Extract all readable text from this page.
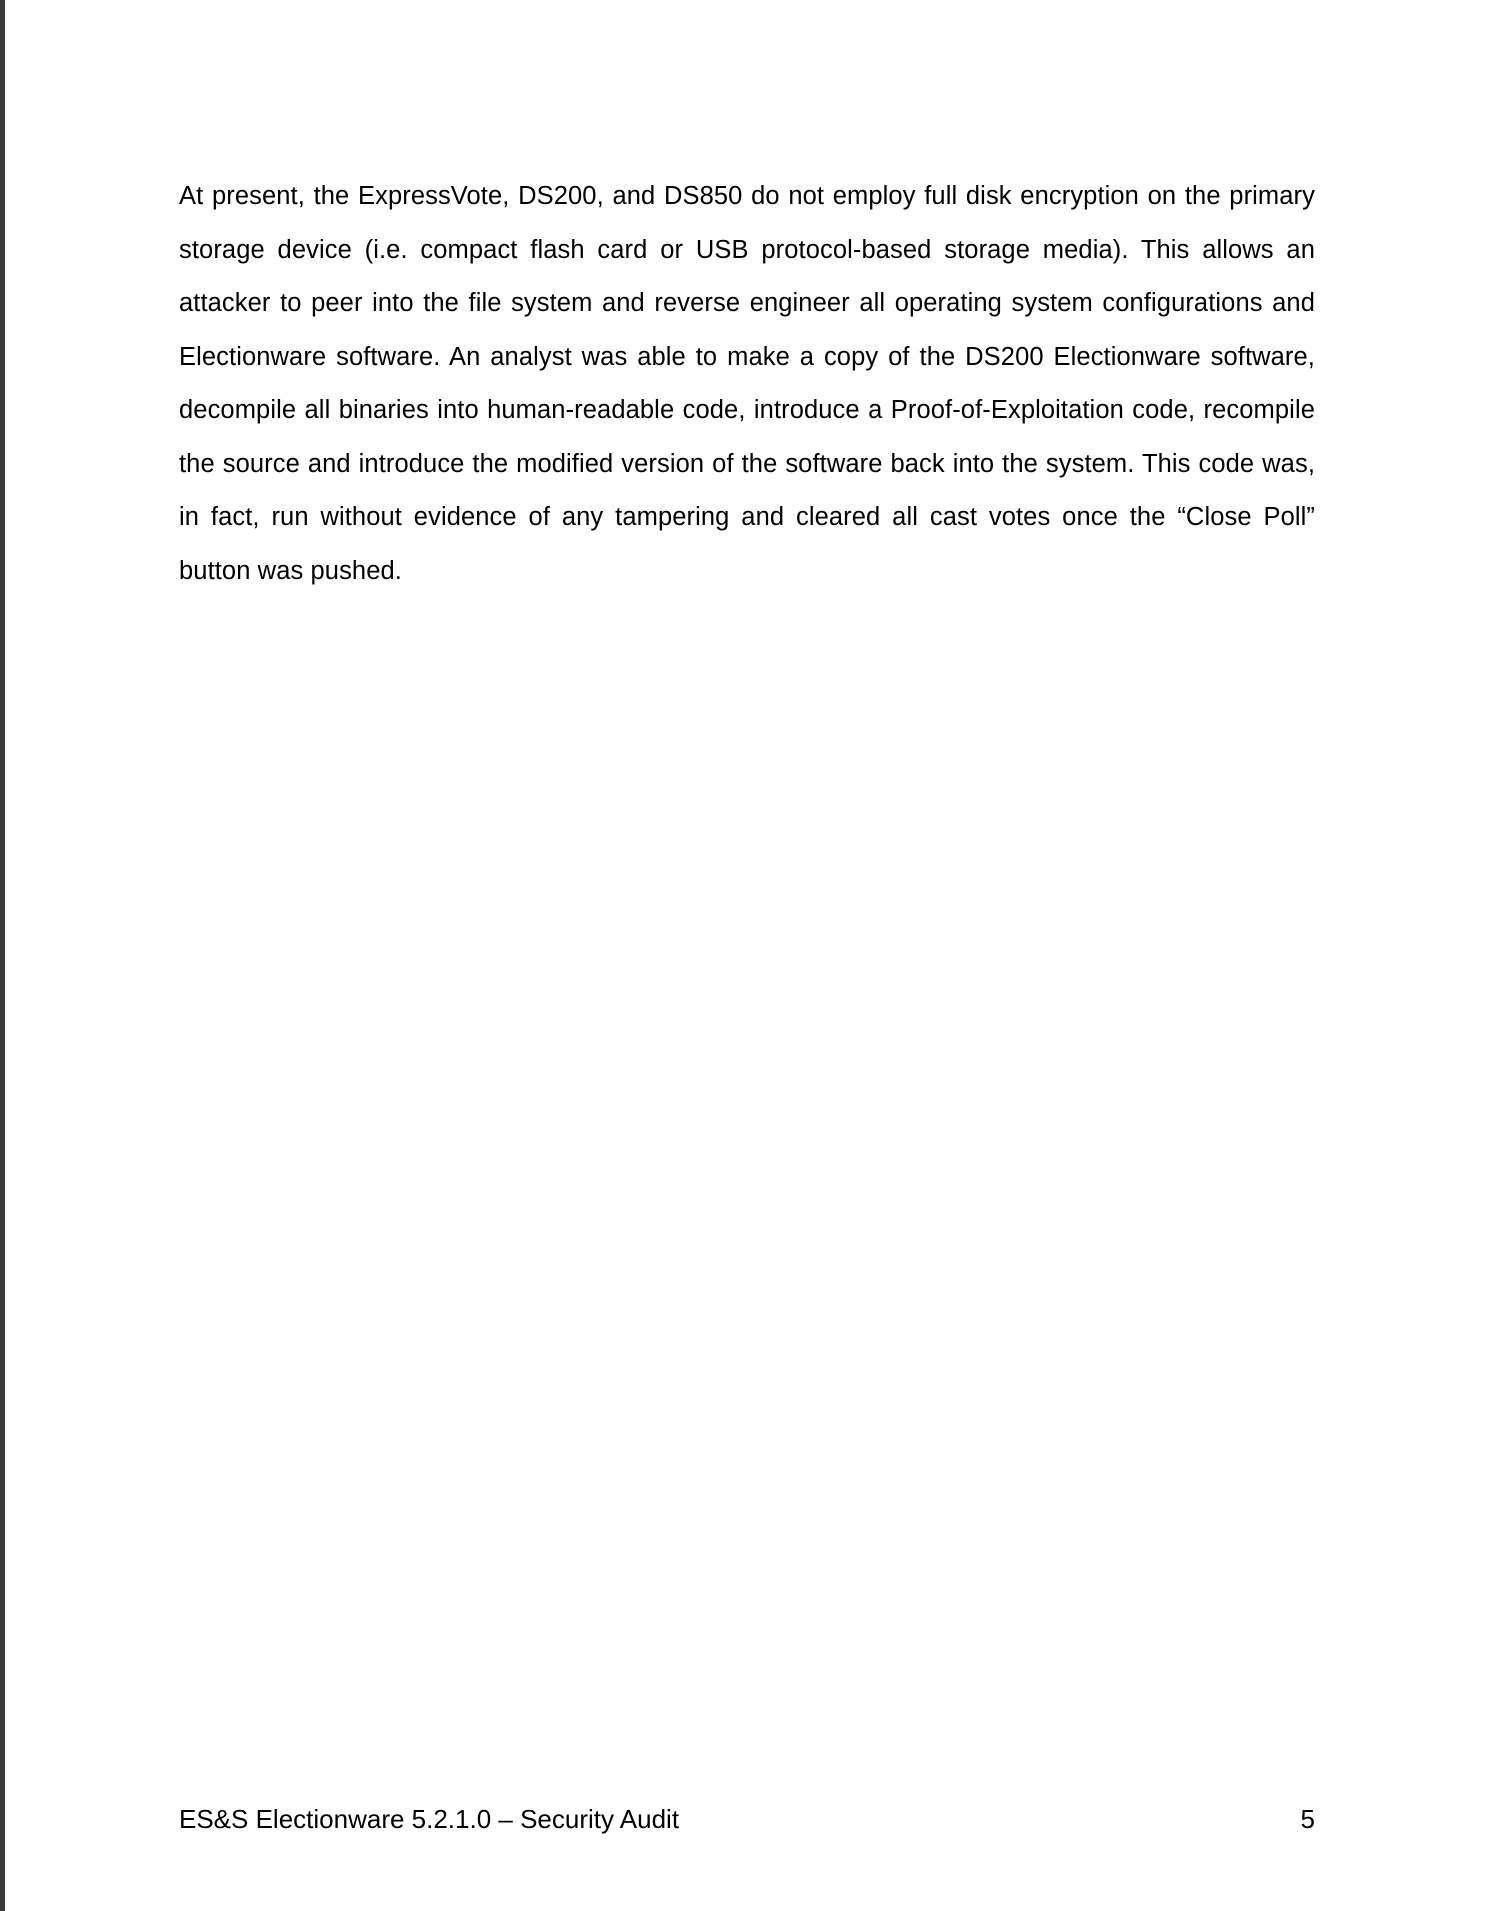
At present, the ExpressVote, DS200, and DS850 do not employ full disk encryption on the primary storage device (i.e. compact flash card or USB protocol-based storage media). This allows an attacker to peer into the file system and reverse engineer all operating system configurations and Electionware software. An analyst was able to make a copy of the DS200 Electionware software, decompile all binaries into human-readable code, introduce a Proof-of-Exploitation code, recompile the source and introduce the modified version of the software back into the system. This code was, in fact, run without evidence of any tampering and cleared all cast votes once the “Close Poll” button was pushed.

ES&S Electionware 5.2.1.0 – Security Audit	5
